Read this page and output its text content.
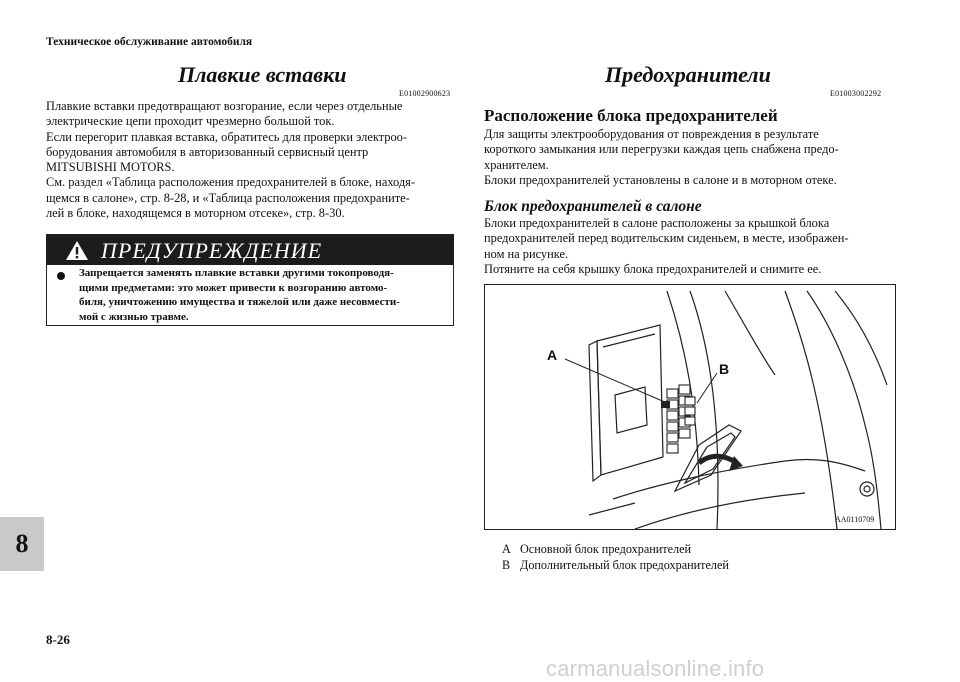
Техническое обслуживание автомобиля
Плавкие вставки
E01002900623
Плавкие вставки предотвращают возгорание, если через отдельные
электрические цепи проходит чрезмерно большой ток.
Если перегорит плавкая вставка, обратитесь для проверки электроо-
борудования автомобиля в авторизованный сервисный центр
MITSUBISHI MOTORS.
См. раздел «Таблица расположения предохранителей в блоке, находя-
щемся в салоне», стр. 8-28, и «Таблица расположения предохраните-
лей в блоке, находящемся в моторном отсеке», стр. 8-30.
ПРЕДУПРЕЖДЕНИЕ
Запрещается заменять плавкие вставки другими токопроводя-
щими предметами: это может привести к возгоранию автомо-
биля, уничтожению имущества и тяжелой или даже несовмести-
мой с жизнью травме.
Предохранители
E01003002292
Расположение блока предохранителей
Для защиты электрооборудования от повреждения в результате
короткого замыкания или перегрузки каждая цепь снабжена предо-
хранителем.
Блоки предохранителей установлены в салоне и в моторном отеке.
Блок предохранителей в салоне
Блоки предохранителей в салоне расположены за крышкой блока
предохранителей перед водительским сиденьем, в месте, изображен-
ном на рисунке.
Потяните на себя крышку блока предохранителей и снимите ее.
A
B
AA0110709
A Основной блок предохранителей
B Дополнительный блок предохранителей
8
8-26
carmanualsonline.info
